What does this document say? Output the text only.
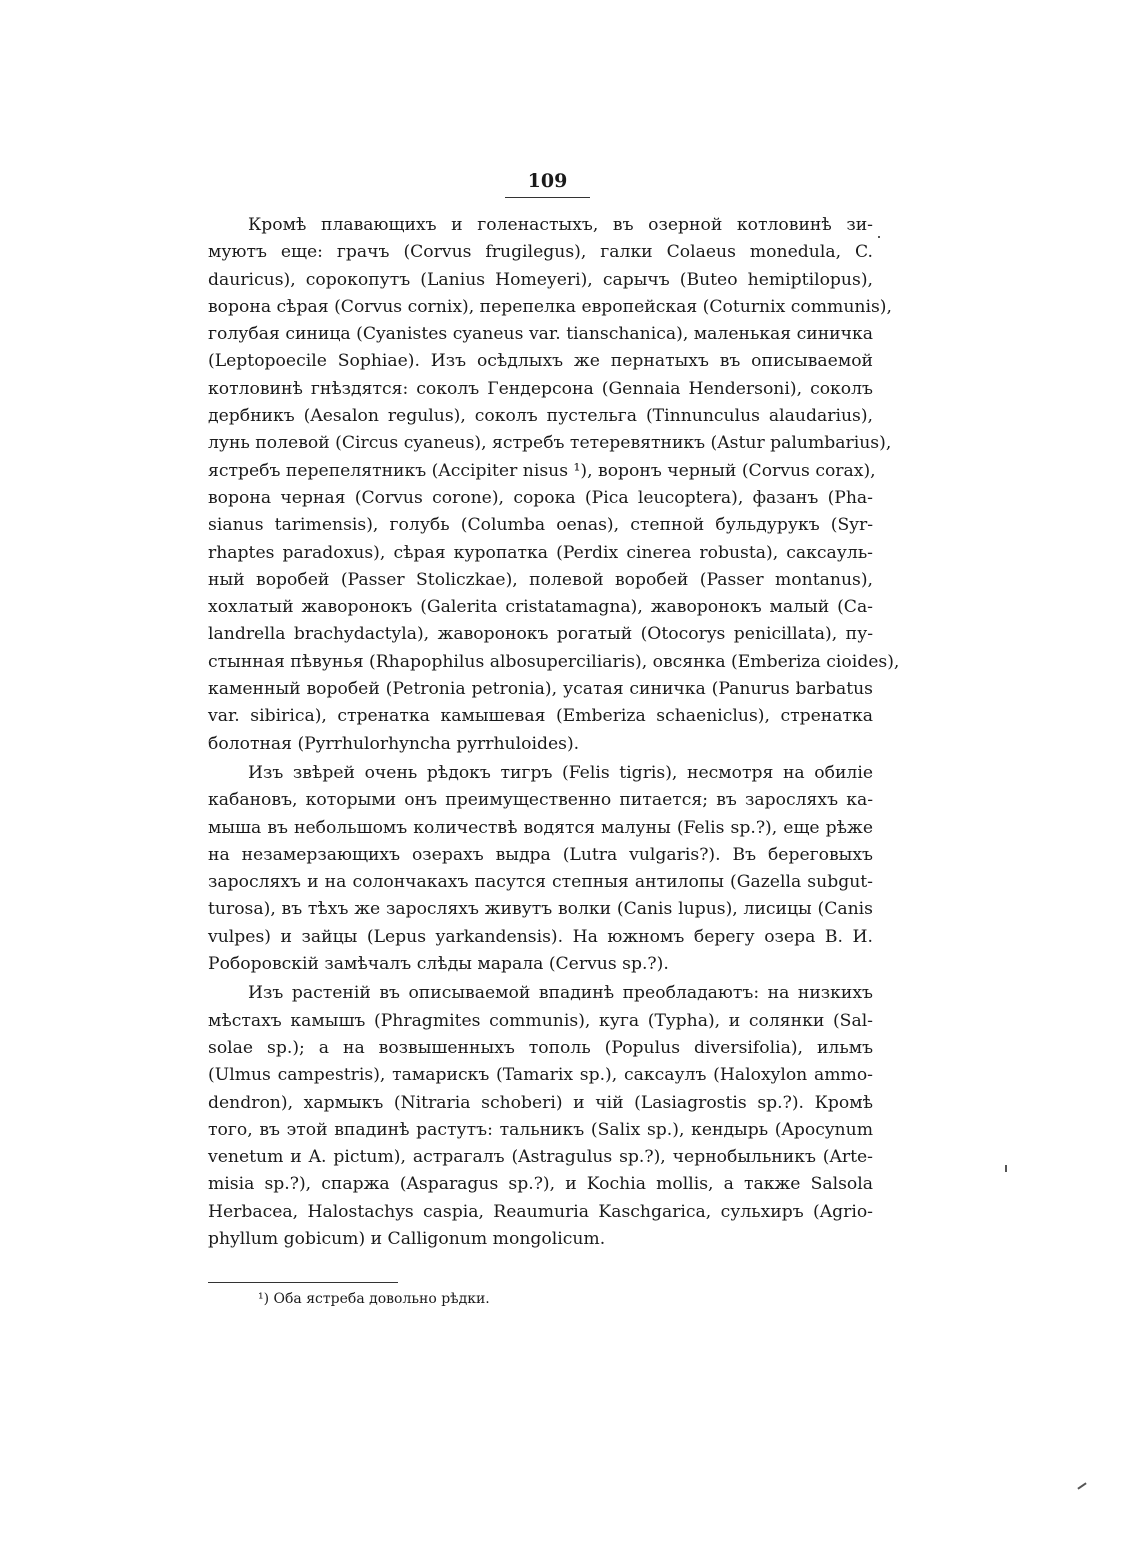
109
Кромѣ плавающихъ и голенастыхъ, въ озерной котловинѣ зи-
муютъ еще: грачъ (Corvus frugilegus), галки Colaeus monedula, C.
dauricus), сорокопутъ (Lanius Homeyeri), сарычъ (Buteo hemiptilopus),
ворона сѣрая (Corvus cornix), перепелка европейская (Coturnix communis),
голубая синица (Cyanistes cyaneus var. tianschanica), маленькая синичка
(Leptopoecile Sophiae). Изъ осѣдлыхъ же пернатыхъ въ описываемой
котловинѣ гнѣздятся: соколъ Гендерсона (Gennaia Hendersoni), соколъ
дербникъ (Aesalon regulus), соколъ пустельга (Tinnunculus alaudarius),
лунь полевой (Circus cyaneus), ястребъ тетеревятникъ (Astur palumbarius),
ястребъ перепелятникъ (Accipiter nisus ¹), воронъ черный (Corvus corax),
ворона черная (Corvus corone), сорока (Pica leucoptera), фазанъ (Pha-
sianus tarimensis), голубь (Columba oenas), степной бульдурукъ (Syr-
rhaptes paradoxus), сѣрая куропатка (Perdix cinerea robusta), саксауль-
ный воробей (Passer Stoliczkae), полевой воробей (Passer montanus),
хохлатый жаворонокъ (Galerita cristatamagna), жаворонокъ малый (Ca-
landrella brachydactyla), жаворонокъ рогатый (Otocorys penicillata), пу-
стынная пѣвунья (Rhapophilus albosuperciliaris), овсянка (Emberiza cioides),
каменный воробей (Petronia petronia), усатая синичка (Panurus barbatus
var. sibirica), стренатка камышевая (Emberiza schaeniclus), стренатка
болотная (Pyrrhulorhyncha pyrrhuloides).
Изъ звѣрей очень рѣдокъ тигръ (Felis tigris), несмотря на обиліе
кабановъ, которыми онъ преимущественно питается; въ заросляхъ ка-
мыша въ небольшомъ количествѣ водятся малуны (Felis sp.?), еще рѣже
на незамерзающихъ озерахъ выдра (Lutra vulgaris?). Въ береговыхъ
заросляхъ и на солончакахъ пасутся степныя антилопы (Gazella subgut-
turosa), въ тѣхъ же заросляхъ живутъ волки (Canis lupus), лисицы (Canis
vulpes) и зайцы (Lepus yarkandensis). На южномъ берегу озера В. И.
Роборовскій замѣчалъ слѣды марала (Cervus sp.?).
Изъ растеній въ описываемой впадинѣ преобладаютъ: на низкихъ
мѣстахъ камышъ (Phragmites communis), куга (Typha), и солянки (Sal-
solae sp.); а на возвышенныхъ тополь (Populus diversifolia), ильмъ
(Ulmus campestris), тамарискъ (Tamarix sp.), саксаулъ (Haloxylon ammo-
dendron), хармыкъ (Nitraria schoberi) и чій (Lasiagrostis sp.?). Кромѣ
того, въ этой впадинѣ растутъ: тальникъ (Salix sp.), кендырь (Apocynum
venetum и A. pictum), астрагалъ (Astragulus sp.?), чернобыльникъ (Arte-
misia sp.?), спаржа (Asparagus sp.?), и Kochia mollis, а также Salsola
Herbacea, Halostachys caspia, Reaumuria Kaschgarica, сульхиръ (Agrio-
phyllum gobicum) и Calligonum mongolicum.
¹) Оба ястреба довольно рѣдки.
